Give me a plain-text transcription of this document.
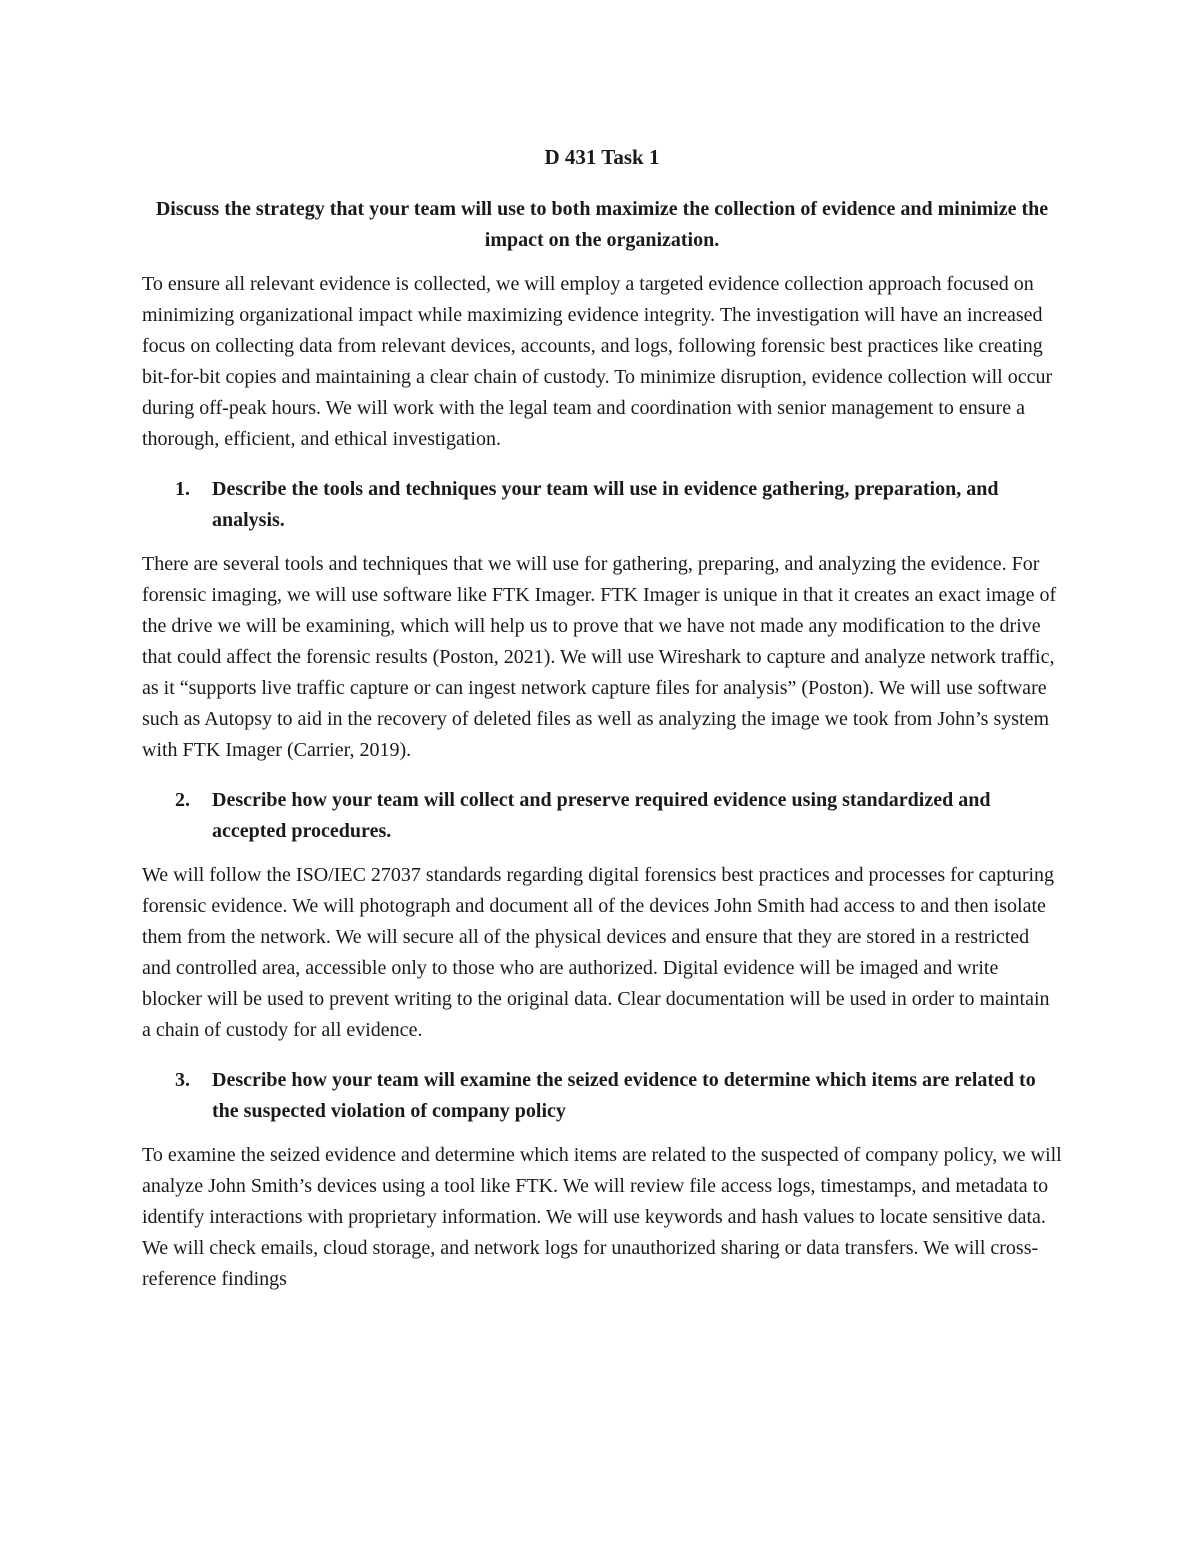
D 431 Task 1

Discuss the strategy that your team will use to both maximize the collection of evidence and minimize the impact on the organization.

To ensure all relevant evidence is collected, we will employ a targeted evidence collection approach focused on minimizing organizational impact while maximizing evidence integrity. The investigation will have an increased focus on collecting data from relevant devices, accounts, and logs, following forensic best practices like creating bit-for-bit copies and maintaining a clear chain of custody. To minimize disruption, evidence collection will occur during off-peak hours. We will work with the legal team and coordination with senior management to ensure a thorough, efficient, and ethical investigation.

1. Describe the tools and techniques your team will use in evidence gathering, preparation, and analysis.

There are several tools and techniques that we will use for gathering, preparing, and analyzing the evidence. For forensic imaging, we will use software like FTK Imager. FTK Imager is unique in that it creates an exact image of the drive we will be examining, which will help us to prove that we have not made any modification to the drive that could affect the forensic results (Poston, 2021). We will use Wireshark to capture and analyze network traffic, as it “supports live traffic capture or can ingest network capture files for analysis” (Poston). We will use software such as Autopsy to aid in the recovery of deleted files as well as analyzing the image we took from John’s system with FTK Imager (Carrier, 2019).

2. Describe how your team will collect and preserve required evidence using standardized and accepted procedures.

We will follow the ISO/IEC 27037 standards regarding digital forensics best practices and processes for capturing forensic evidence. We will photograph and document all of the devices John Smith had access to and then isolate them from the network. We will secure all of the physical devices and ensure that they are stored in a restricted and controlled area, accessible only to those who are authorized. Digital evidence will be imaged and write blocker will be used to prevent writing to the original data. Clear documentation will be used in order to maintain a chain of custody for all evidence.

3. Describe how your team will examine the seized evidence to determine which items are related to the suspected violation of company policy

To examine the seized evidence and determine which items are related to the suspected of company policy, we will analyze John Smith’s devices using a tool like FTK. We will review file access logs, timestamps, and metadata to identify interactions with proprietary information. We will use keywords and hash values to locate sensitive data. We will check emails, cloud storage, and network logs for unauthorized sharing or data transfers. We will cross-reference findings
